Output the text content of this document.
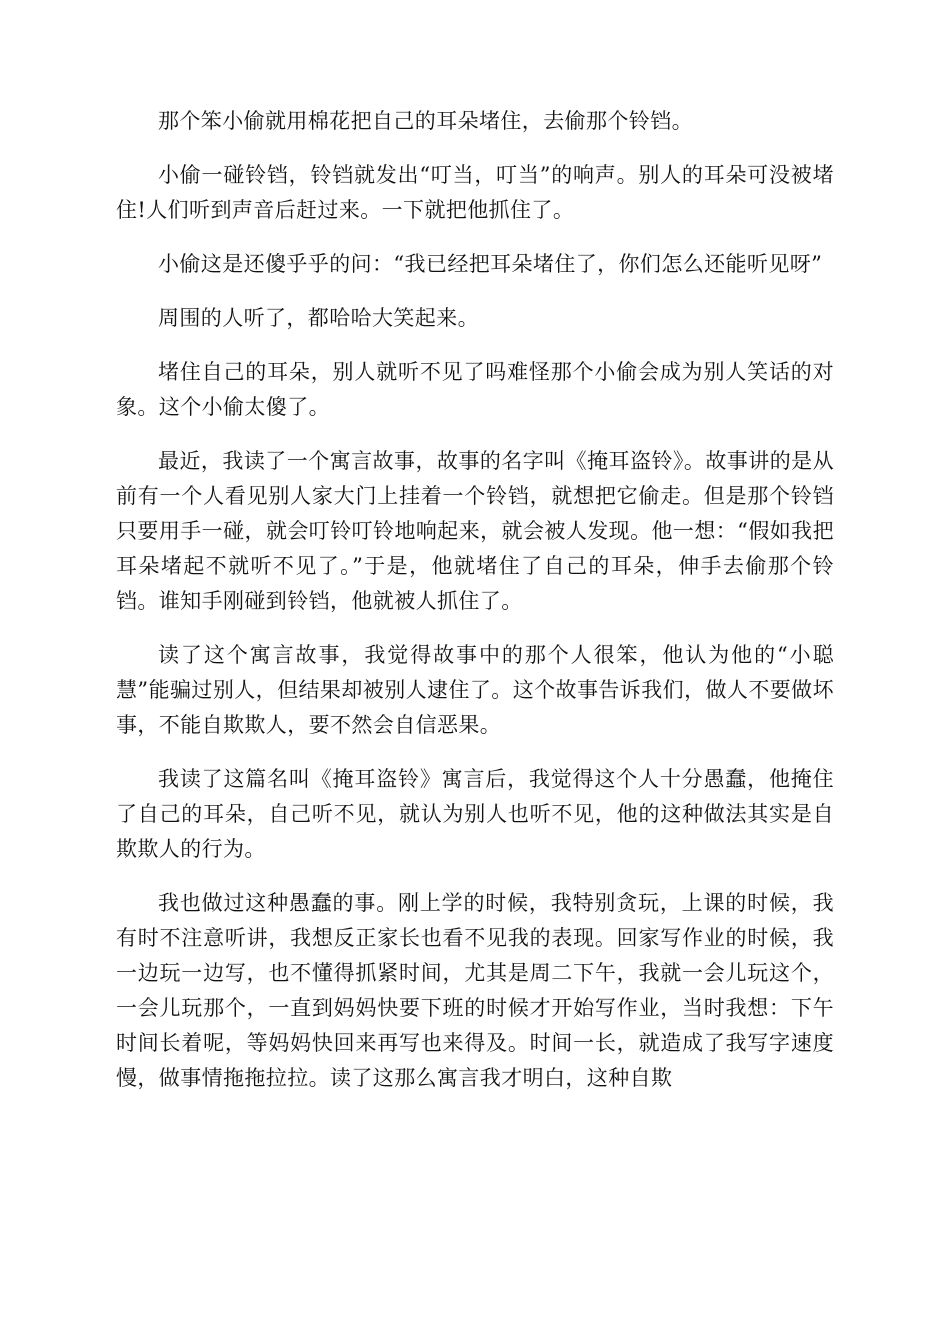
那个笨小偷就用棉花把自己的耳朵堵住，去偷那个铃铛。

小偷一碰铃铛，铃铛就发出“叮当，叮当”的响声。别人的耳朵可没被堵住!人们听到声音后赶过来。一下就把他抓住了。

小偷这是还傻乎乎的问：“我已经把耳朵堵住了，你们怎么还能听见呀”

周围的人听了，都哈哈大笑起来。

堵住自己的耳朵，别人就听不见了吗难怪那个小偷会成为别人笑话的对象。这个小偷太傻了。

最近，我读了一个寓言故事，故事的名字叫《掩耳盗铃》。故事讲的是从前有一个人看见别人家大门上挂着一个铃铛，就想把它偷走。但是那个铃铛只要用手一碰，就会叮铃叮铃地响起来，就会被人发现。他一想：“假如我把耳朵堵起不就听不见了。”于是，他就堵住了自己的耳朵，伸手去偷那个铃铛。谁知手刚碰到铃铛，他就被人抓住了。

读了这个寓言故事，我觉得故事中的那个人很笨，他认为他的“小聪慧”能骗过别人，但结果却被别人逮住了。这个故事告诉我们，做人不要做坏事，不能自欺欺人，要不然会自信恶果。

我读了这篇名叫《掩耳盗铃》寓言后，我觉得这个人十分愚蠢，他掩住了自己的耳朵，自己听不见，就认为别人也听不见，他的这种做法其实是自欺欺人的行为。

我也做过这种愚蠢的事。刚上学的时候，我特别贪玩，上课的时候，我有时不注意听讲，我想反正家长也看不见我的表现。回家写作业的时候，我一边玩一边写，也不懂得抓紧时间，尤其是周二下午，我就一会儿玩这个，一会儿玩那个，一直到妈妈快要下班的时候才开始写作业，当时我想：下午时间长着呢，等妈妈快回来再写也来得及。时间一长，就造成了我写字速度慢，做事情拖拖拉拉。读了这那么寓言我才明白，这种自欺
